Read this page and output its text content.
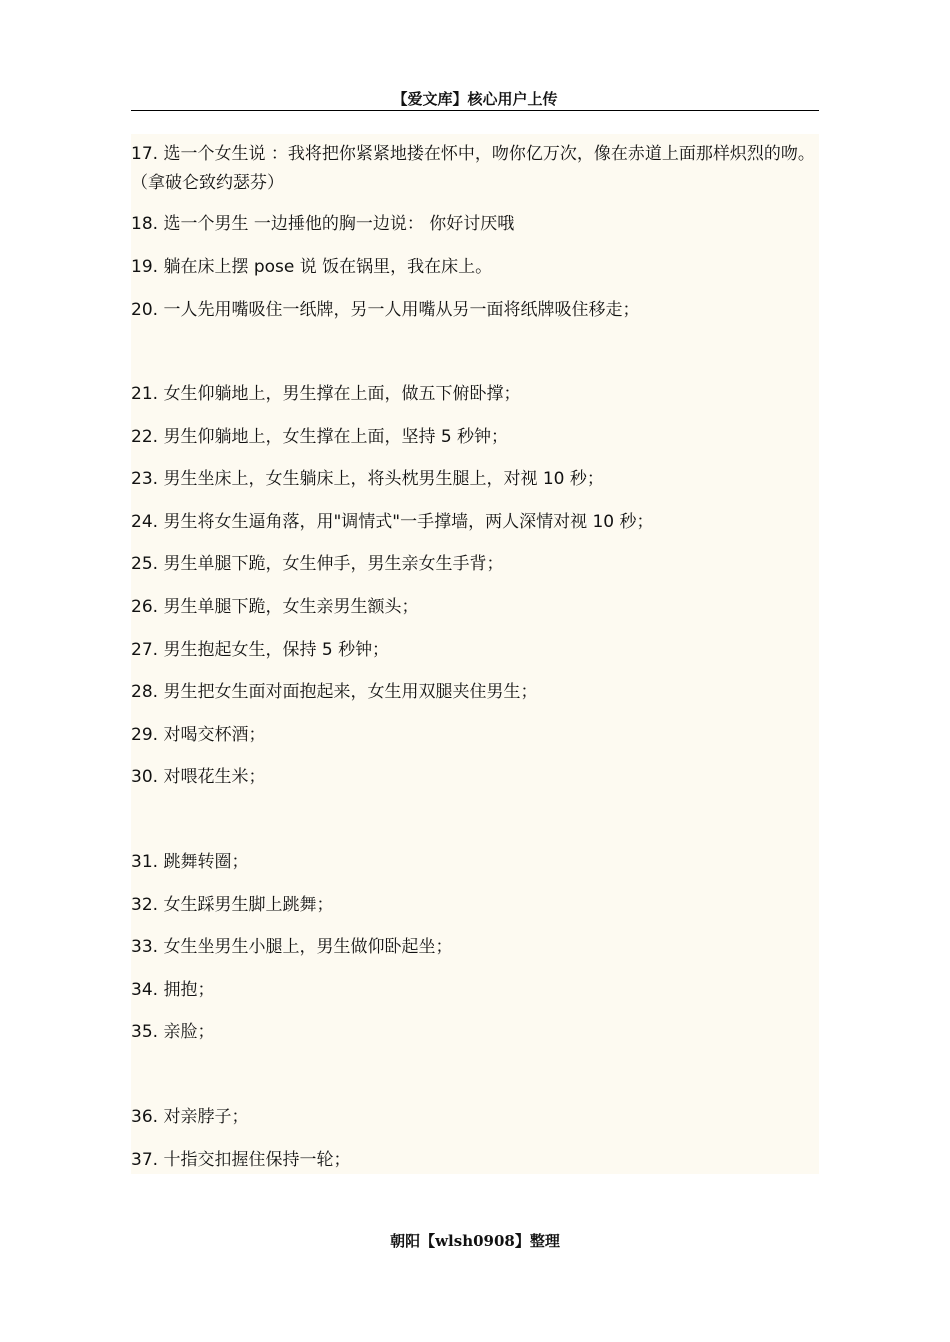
【爱文库】核心用户上传
17. 选一个女生说 ：我将把你紧紧地搂在怀中，吻你亿万次，像在赤道上面那样炽烈的吻。（拿破仑致约瑟芬）
18. 选一个男生 一边捶他的胸一边说： 你好讨厌哦
19. 躺在床上摆 pose 说 饭在锅里，我在床上。
20. 一人先用嘴吸住一纸牌，另一人用嘴从另一面将纸牌吸住移走；
21. 女生仰躺地上，男生撑在上面，做五下俯卧撑；
22. 男生仰躺地上，女生撑在上面，坚持 5 秒钟；
23. 男生坐床上，女生躺床上，将头枕男生腿上，对视 10 秒；
24. 男生将女生逼角落，用"调情式"一手撑墙，两人深情对视 10 秒；
25. 男生单腿下跪，女生伸手，男生亲女生手背；
26. 男生单腿下跪，女生亲男生额头；
27. 男生抱起女生，保持 5 秒钟；
28. 男生把女生面对面抱起来，女生用双腿夹住男生；
29. 对喝交杯酒；
30. 对喂花生米；
31. 跳舞转圈；
32. 女生踩男生脚上跳舞；
33. 女生坐男生小腿上，男生做仰卧起坐；
34. 拥抱；
35. 亲脸；
36. 对亲脖子；
37. 十指交扣握住保持一轮；
朝阳【wlsh0908】整理
